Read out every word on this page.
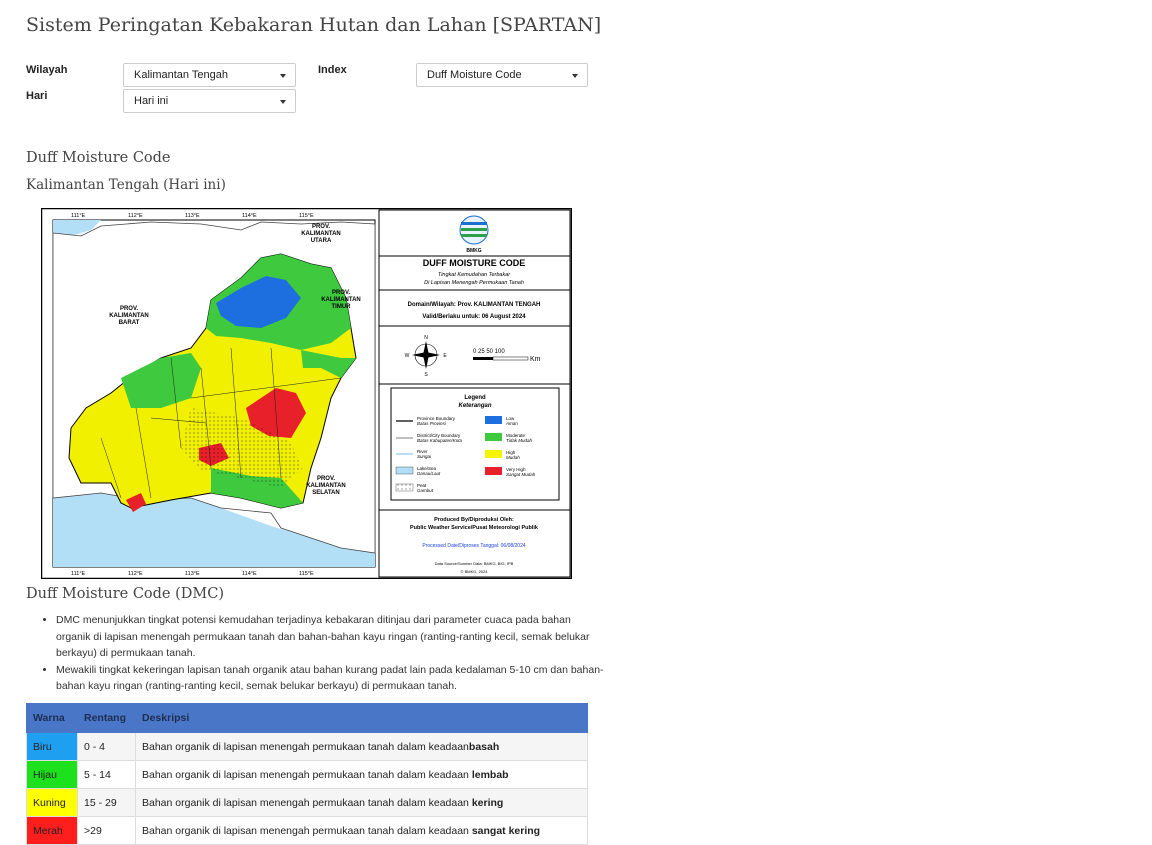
Sistem Peringatan Kebakaran Hutan dan Lahan [SPARTAN]
Wilayah	Kalimantan Tengah
Hari	Hari ini
Index	Duff Moisture Code
Duff Moisture Code
Kalimantan Tengah (Hari ini)
111°E	112°E	113°E	114°E	115°E
111°E	112°E	113°E	114°E	115°E
PROV.
KALIMANTAN
BARAT
PROV.
KALIMANTAN
UTARA
PROV.
KALIMANTAN
TIMUR
PROV.
KALIMANTAN
SELATAN
BMKG
DUFF MOISTURE CODE
Tingkat Kemudahan Terbakar
Di Lapisan Menengah Permukaan Tanah
Domain/Wilayah: Prov. KALIMANTAN TENGAH
Valid/Berlaku untuk: 06 August 2024
N
S
E
W
0 25 50 100
Km
Legend
Keterangan
Province Boundary
Batas Provinsi
District/City Boundary
Batas Kabupaten/Kota
River
Sungai
Lake/Sea
Danau/Laut
Peat
Gambut
Low
Aman
Moderate
Tidak Mudah
High
Mudah
Very High
Sangat Mudah
Produced By/Diproduksi Oleh:
Public Weather Service/Pusat Meteorologi Publik
Processed Date/Diproses Tanggal: 06/08/2024
Data Source/Sumber Data: BMKG, BIG, IPB
© BMKG, 2024
Duff Moisture Code (DMC)
• DMC menunjukkan tingkat potensi kemudahan terjadinya kebakaran ditinjau dari parameter cuaca pada bahan organik di lapisan menengah permukaan tanah dan bahan-bahan kayu ringan (ranting-ranting kecil, semak belukar berkayu) di permukaan tanah.
• Mewakili tingkat kekeringan lapisan tanah organik atau bahan kurang padat lain pada kedalaman 5-10 cm dan bahan-bahan kayu ringan (ranting-ranting kecil, semak belukar berkayu) di permukaan tanah.
Warna	Rentang	Deskripsi
Biru	0 - 4	Bahan organik di lapisan menengah permukaan tanah dalam keadaanbasah
Hijau	5 - 14	Bahan organik di lapisan menengah permukaan tanah dalam keadaan lembab
Kuning	15 - 29	Bahan organik di lapisan menengah permukaan tanah dalam keadaan kering
Merah	>29	Bahan organik di lapisan menengah permukaan tanah dalam keadaan sangat kering
